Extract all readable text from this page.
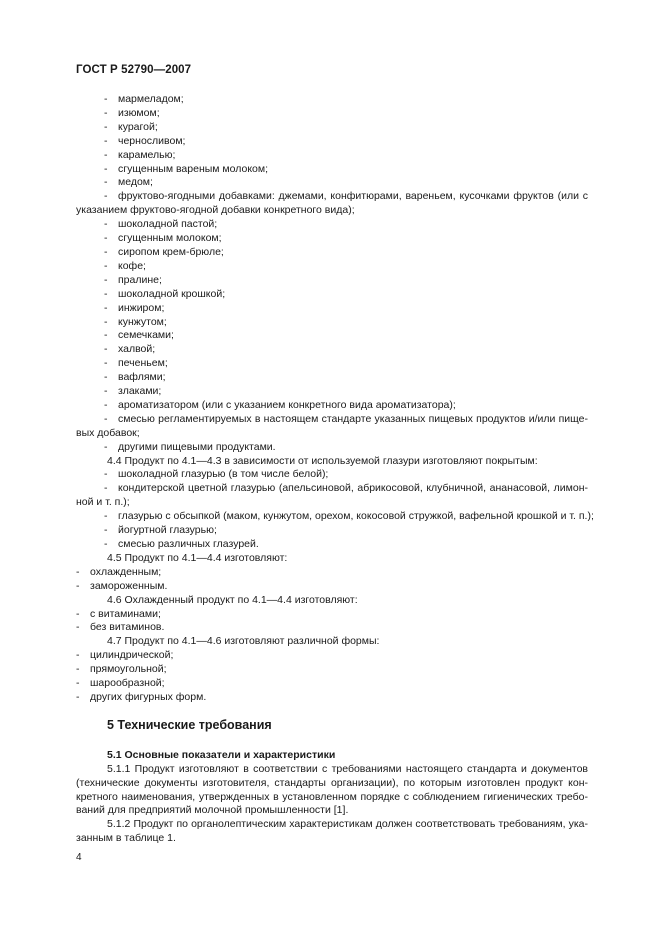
ГОСТ Р 52790—2007
- мармеладом;
- изюмом;
- курагой;
- черносливом;
- карамелью;
- сгущенным вареным молоком;
- медом;
- фруктово-ягодными добавками: джемами, конфитюрами, вареньем, кусочками фруктов (или с
указанием фруктово-ягодной добавки конкретного вида);
- шоколадной пастой;
- сгущенным молоком;
- сиропом крем-брюле;
- кофе;
- пралине;
- шоколадной крошкой;
- инжиром;
- кунжутом;
- семечками;
- халвой;
- печеньем;
- вафлями;
- злаками;
- ароматизатором (или с указанием конкретного вида ароматизатора);
- смесью регламентируемых в настоящем стандарте указанных пищевых продуктов и/или пище-
вых добавок;
- другими пищевыми продуктами.
4.4 Продукт по 4.1—4.3 в зависимости от используемой глазури изготовляют покрытым:
- шоколадной глазурью (в том числе белой);
- кондитерской цветной глазурью (апельсиновой, абрикосовой, клубничной, ананасовой, лимон-
ной и т. п.);
- глазурью с обсыпкой (маком, кунжутом, орехом, кокосовой стружкой, вафельной крошкой и т. п.);
- йогуртной глазурью;
- смесью различных глазурей.
4.5 Продукт по 4.1—4.4 изготовляют:
- охлажденным;
- замороженным.
4.6 Охлажденный продукт по 4.1—4.4 изготовляют:
- с витаминами;
- без витаминов.
4.7 Продукт по 4.1—4.6 изготовляют различной формы:
- цилиндрической;
- прямоугольной;
- шарообразной;
- других фигурных форм.
5 Технические требования
5.1 Основные показатели и характеристики
5.1.1 Продукт изготовляют в соответствии с требованиями настоящего стандарта и документов
(технические документы изготовителя, стандарты организации), по которым изготовлен продукт кон-
кретного наименования, утвержденных в установленном порядке с соблюдением гигиенических требо-
ваний для предприятий молочной промышленности [1].
5.1.2 Продукт по органолептическим характеристикам должен соответствовать требованиям, ука-
занным в таблице 1.
4
